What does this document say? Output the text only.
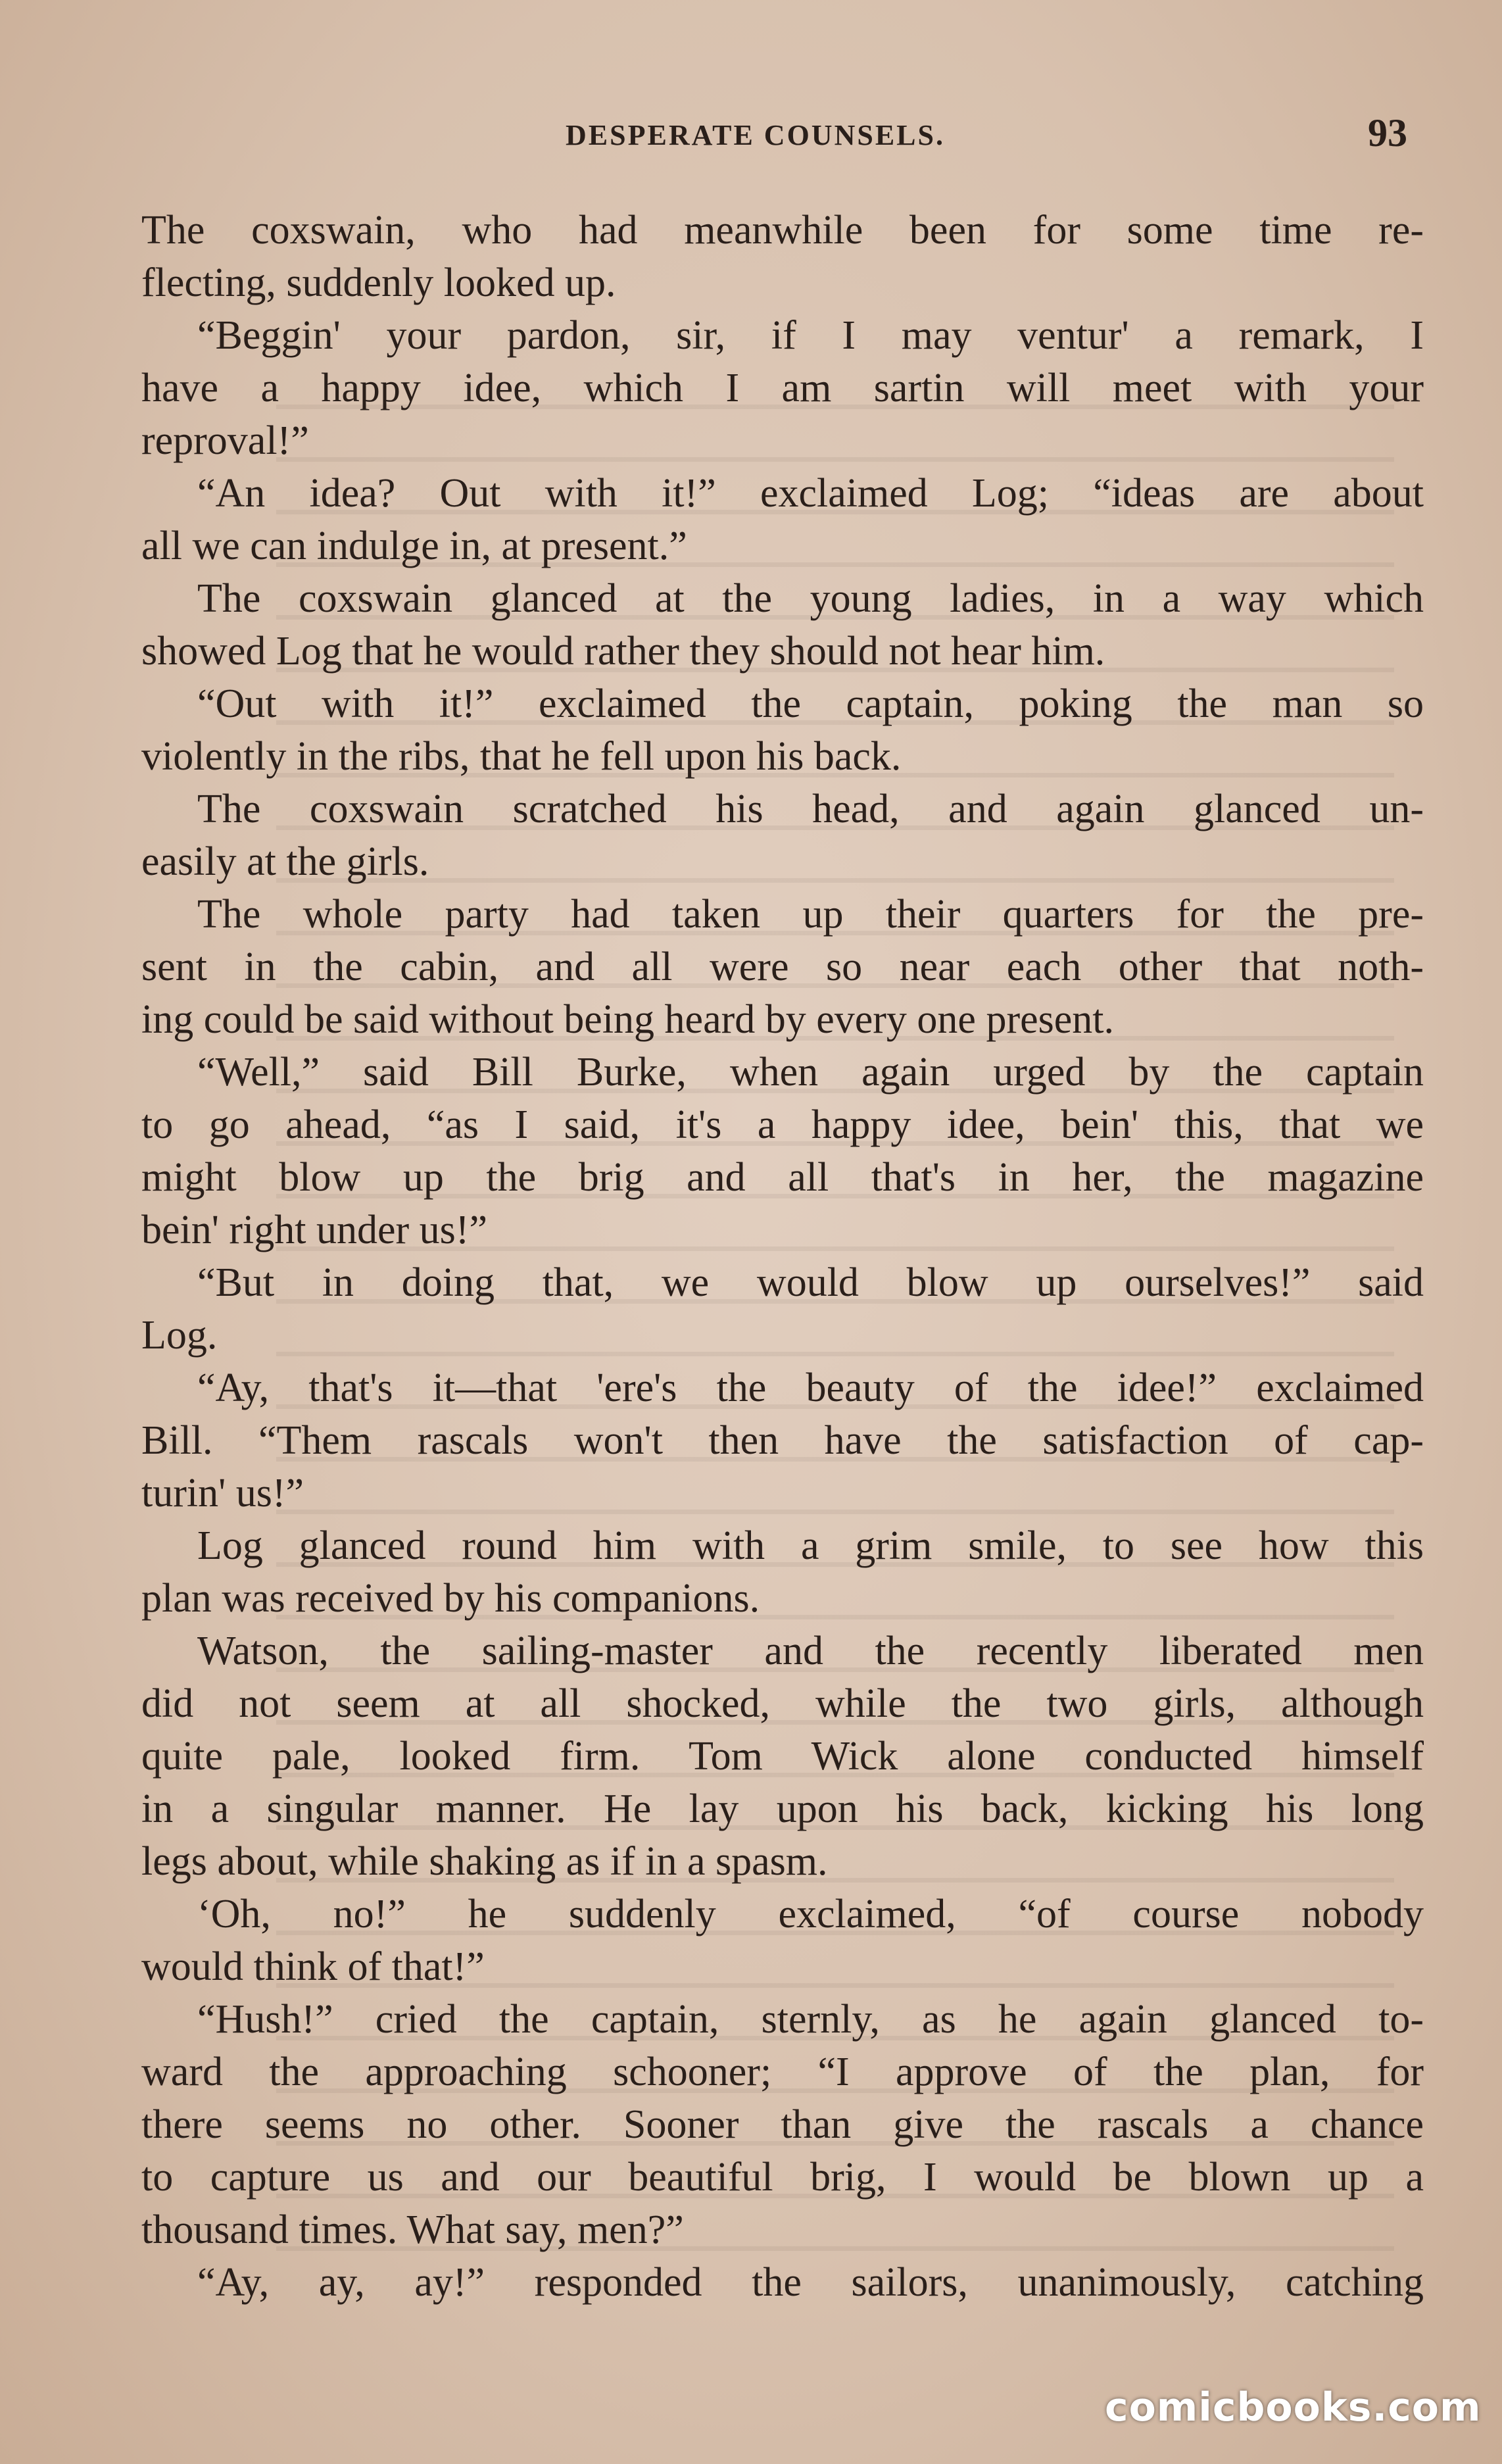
DESPERATE COUNSELS.	93
The coxswain, who had meanwhile been for some time re-
flecting, suddenly looked up.
“Beggin' your pardon, sir, if I may ventur' a remark, I
have a happy idee, which I am sartin will meet with your
reproval!”
“An idea? Out with it!” exclaimed Log; “ideas are about
all we can indulge in, at present.”
The coxswain glanced at the young ladies, in a way which
showed Log that he would rather they should not hear him.
“Out with it!” exclaimed the captain, poking the man so
violently in the ribs, that he fell upon his back.
The coxswain scratched his head, and again glanced un-
easily at the girls.
The whole party had taken up their quarters for the pre-
sent in the cabin, and all were so near each other that noth-
ing could be said without being heard by every one present.
“Well,” said Bill Burke, when again urged by the captain
to go ahead, “as I said, it's a happy idee, bein' this, that we
might blow up the brig and all that's in her, the magazine
bein' right under us!”
“But in doing that, we would blow up ourselves!” said
Log.
“Ay, that's it—that 'ere's the beauty of the idee!” exclaimed
Bill. “Them rascals won't then have the satisfaction of cap-
turin' us!”
Log glanced round him with a grim smile, to see how this
plan was received by his companions.
Watson, the sailing-master and the recently liberated men
did not seem at all shocked, while the two girls, although
quite pale, looked firm. Tom Wick alone conducted himself
in a singular manner. He lay upon his back, kicking his long
legs about, while shaking as if in a spasm.
‘Oh, no!” he suddenly exclaimed, “of course nobody
would think of that!”
“Hush!” cried the captain, sternly, as he again glanced to-
ward the approaching schooner; “I approve of the plan, for
there seems no other. Sooner than give the rascals a chance
to capture us and our beautiful brig, I would be blown up a
thousand times. What say, men?”
“Ay, ay, ay!” responded the sailors, unanimously, catching
comicbooks.com
